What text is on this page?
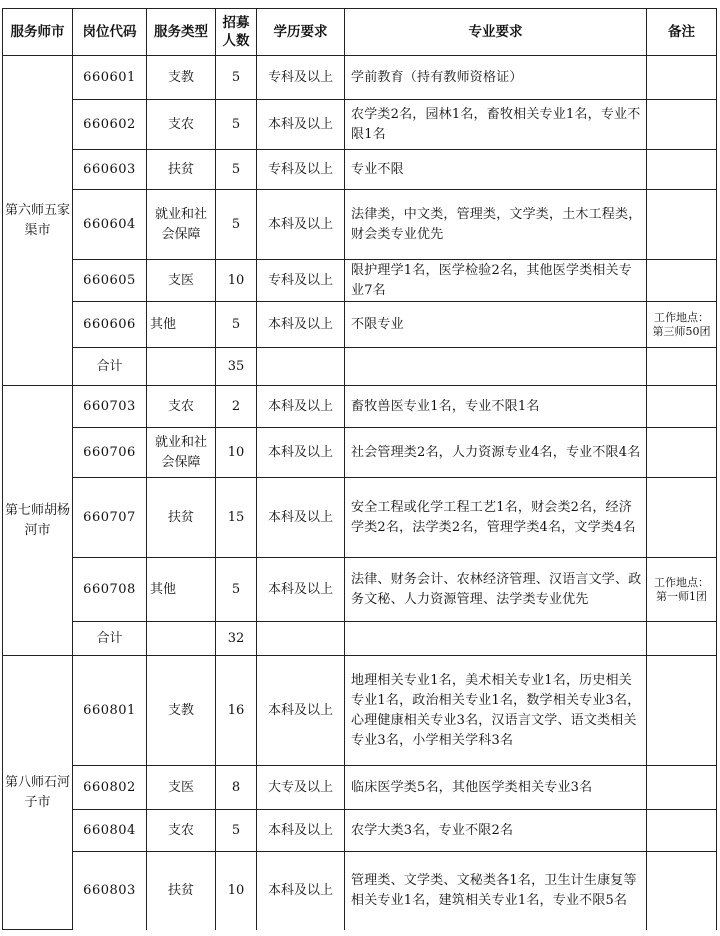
服务师市	岗位代码	服务类型	招募人数	学历要求	专业要求	备注
第六师五家渠市	660601	支教	5	专科及以上	学前教育（持有教师资格证）	
	660602	支农	5	本科及以上	农学类2名，园林1名，畜牧相关专业1名，专业不限1名	
	660603	扶贫	5	专科及以上	专业不限	
	660604	就业和社会保障	5	本科及以上	法律类，中文类，管理类，文学类，土木工程类，财会类专业优先	
	660605	支医	10	专科及以上	限护理学1名，医学检验2名，其他医学类相关专业7名	
	660606	其他	5	本科及以上	不限专业	工作地点：第三师50团
	合计		35			
第七师胡杨河市	660703	支农	2	本科及以上	畜牧兽医专业1名，专业不限1名	
	660706	就业和社会保障	10	本科及以上	社会管理类2名，人力资源专业4名，专业不限4名	
	660707	扶贫	15	本科及以上	安全工程或化学工程工艺1名，财会类2名，经济学类2名，法学类2名，管理学类4名，文学类4名	
	660708	其他	5	本科及以上	法律、财务会计、农林经济管理、汉语言文学、政务文秘、人力资源管理、法学类专业优先	工作地点：第一师1团
	合计		32			
第八师石河子市	660801	支教	16	本科及以上	地理相关专业1名，美术相关专业1名，历史相关专业1名，政治相关专业1名，数学相关专业3名，心理健康相关专业3名，汉语言文学、语文类相关专业3名，小学相关学科3名	
	660802	支医	8	大专及以上	临床医学类5名，其他医学类相关专业3名	
	660804	支农	5	本科及以上	农学大类3名，专业不限2名	
	660803	扶贫	10	本科及以上	管理类、文学类、文秘类各1名，卫生计生康复等相关专业1名，建筑相关专业1名，专业不限5名	
